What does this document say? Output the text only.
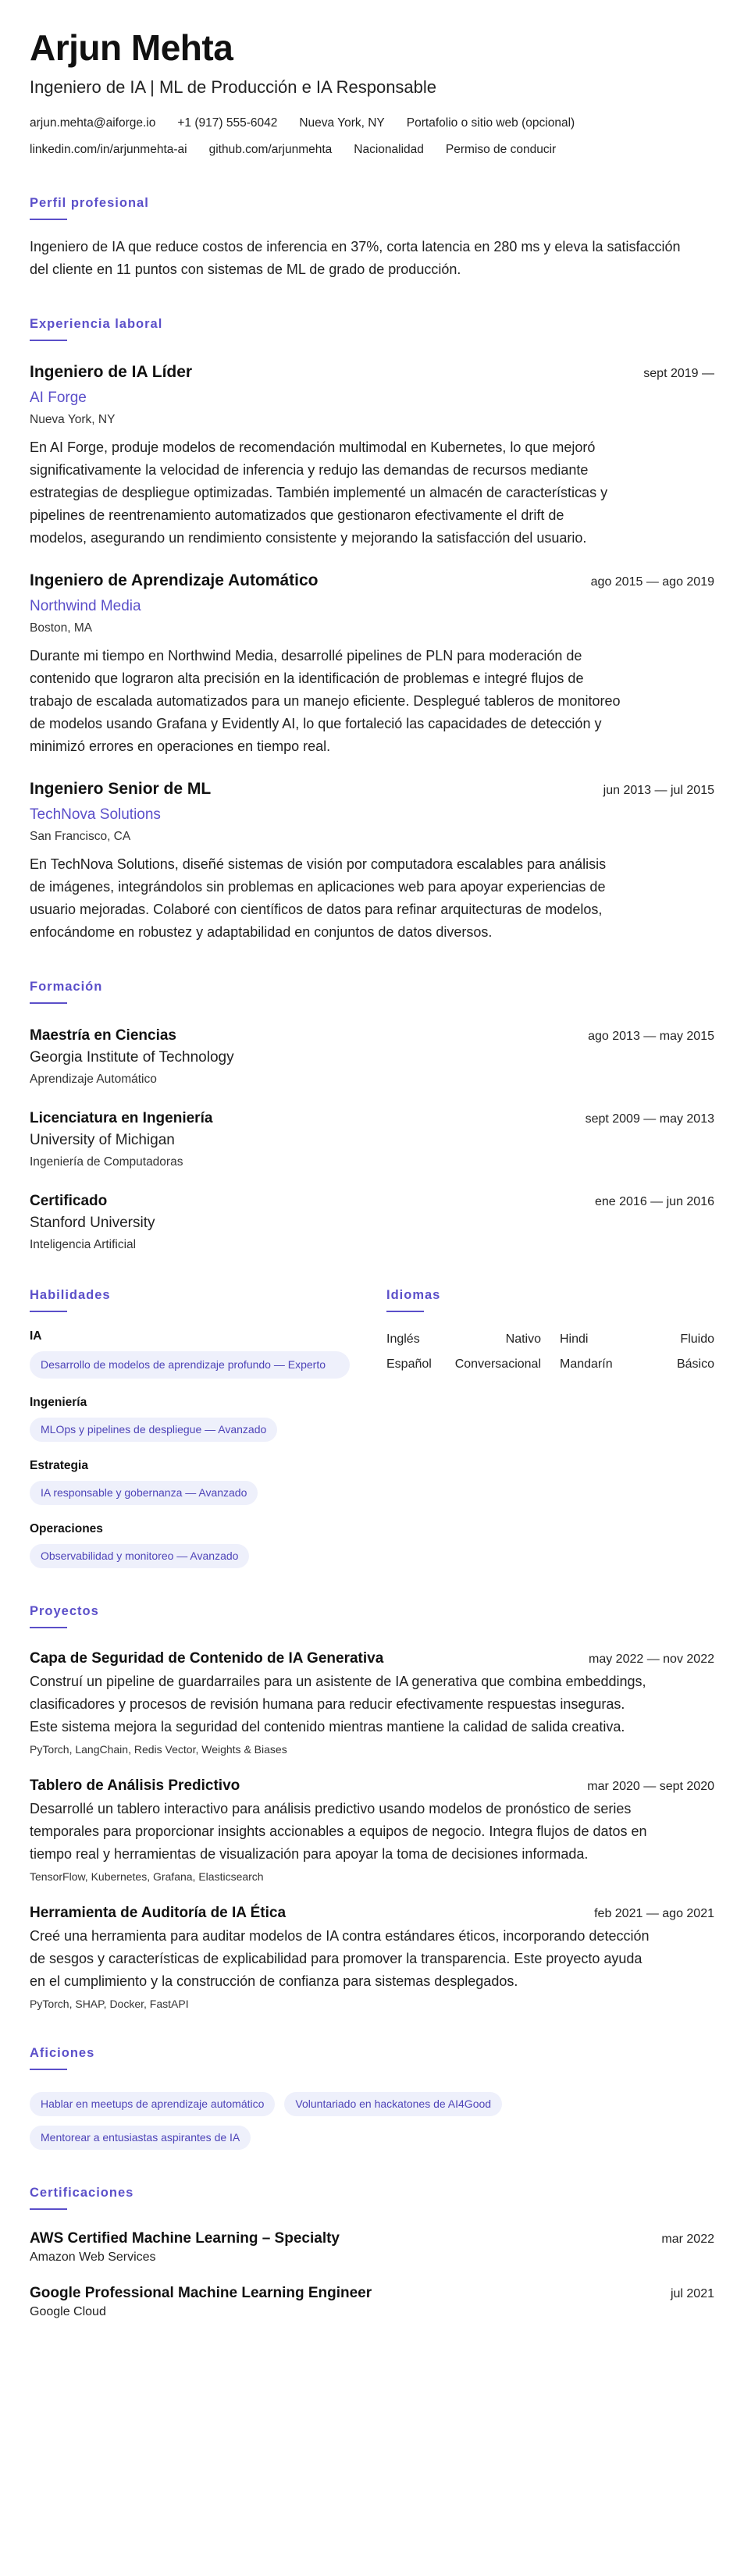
Arjun Mehta
Ingeniero de IA | ML de Producción e IA Responsable
arjun.mehta@aiforge.io +1 (917) 555-6042 Nueva York, NY Portafolio o sitio web (opcional)
linkedin.com/in/arjunmehta-ai github.com/arjunmehta Nacionalidad Permiso de conducir
Perfil profesional
Ingeniero de IA que reduce costos de inferencia en 37%, corta latencia en 280 ms y eleva la satisfacción del cliente en 11 puntos con sistemas de ML de grado de producción.
Experiencia laboral
Ingeniero de IA Líder	sept 2019 —
AI Forge
Nueva York, NY
En AI Forge, produje modelos de recomendación multimodal en Kubernetes, lo que mejoró significativamente la velocidad de inferencia y redujo las demandas de recursos mediante estrategias de despliegue optimizadas. También implementé un almacén de características y pipelines de reentrenamiento automatizados que gestionaron efectivamente el drift de modelos, asegurando un rendimiento consistente y mejorando la satisfacción del usuario.
Ingeniero de Aprendizaje Automático	ago 2015 — ago 2019
Northwind Media
Boston, MA
Durante mi tiempo en Northwind Media, desarrollé pipelines de PLN para moderación de contenido que lograron alta precisión en la identificación de problemas e integré flujos de trabajo de escalada automatizados para un manejo eficiente. Desplegué tableros de monitoreo de modelos usando Grafana y Evidently AI, lo que fortaleció las capacidades de detección y minimizó errores en operaciones en tiempo real.
Ingeniero Senior de ML	jun 2013 — jul 2015
TechNova Solutions
San Francisco, CA
En TechNova Solutions, diseñé sistemas de visión por computadora escalables para análisis de imágenes, integrándolos sin problemas en aplicaciones web para apoyar experiencias de usuario mejoradas. Colaboré con científicos de datos para refinar arquitecturas de modelos, enfocándome en robustez y adaptabilidad en conjuntos de datos diversos.
Formación
Maestría en Ciencias	ago 2013 — may 2015
Georgia Institute of Technology
Aprendizaje Automático
Licenciatura en Ingeniería	sept 2009 — may 2013
University of Michigan
Ingeniería de Computadoras
Certificado	ene 2016 — jun 2016
Stanford University
Inteligencia Artificial
Habilidades
IA
Desarrollo de modelos de aprendizaje profundo — Experto
Ingeniería
MLOps y pipelines de despliegue — Avanzado
Estrategia
IA responsable y gobernanza — Avanzado
Operaciones
Observabilidad y monitoreo — Avanzado
Idiomas
Inglés	Nativo Hindi	Fluido
Español Conversacional Mandarín	Básico
Proyectos
Capa de Seguridad de Contenido de IA Generativa	may 2022 — nov 2022
Construí un pipeline de guardarrailes para un asistente de IA generativa que combina embeddings, clasificadores y procesos de revisión humana para reducir efectivamente respuestas inseguras. Este sistema mejora la seguridad del contenido mientras mantiene la calidad de salida creativa.
PyTorch, LangChain, Redis Vector, Weights & Biases
Tablero de Análisis Predictivo	mar 2020 — sept 2020
Desarrollé un tablero interactivo para análisis predictivo usando modelos de pronóstico de series temporales para proporcionar insights accionables a equipos de negocio. Integra flujos de datos en tiempo real y herramientas de visualización para apoyar la toma de decisiones informada.
TensorFlow, Kubernetes, Grafana, Elasticsearch
Herramienta de Auditoría de IA Ética	feb 2021 — ago 2021
Creé una herramienta para auditar modelos de IA contra estándares éticos, incorporando detección de sesgos y características de explicabilidad para promover la transparencia. Este proyecto ayuda en el cumplimiento y la construcción de confianza para sistemas desplegados.
PyTorch, SHAP, Docker, FastAPI
Aficiones
Hablar en meetups de aprendizaje automático	Voluntariado en hackatones de AI4Good
Mentorear a entusiastas aspirantes de IA
Certificaciones
AWS Certified Machine Learning – Specialty	mar 2022
Amazon Web Services
Google Professional Machine Learning Engineer	jul 2021
Google Cloud
